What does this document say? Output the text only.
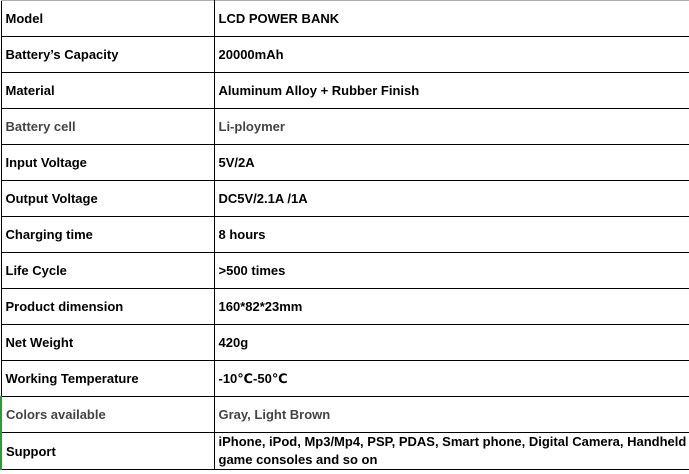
Model	LCD POWER BANK
Battery’s Capacity	20000mAh
Material	Aluminum Alloy + Rubber Finish
Battery cell	Li-ploymer
Input Voltage	5V/2A
Output Voltage	DC5V/2.1A /1A
Charging time	8 hours
Life Cycle	>500 times
Product dimension	160*82*23mm
Net Weight	420g
Working Temperature	-10℃-50℃
Colors available	Gray, Light Brown
Support	iPhone, iPod, Mp3/Mp4, PSP, PDAS, Smart phone, Digital Camera, Handheld game consoles and so on
